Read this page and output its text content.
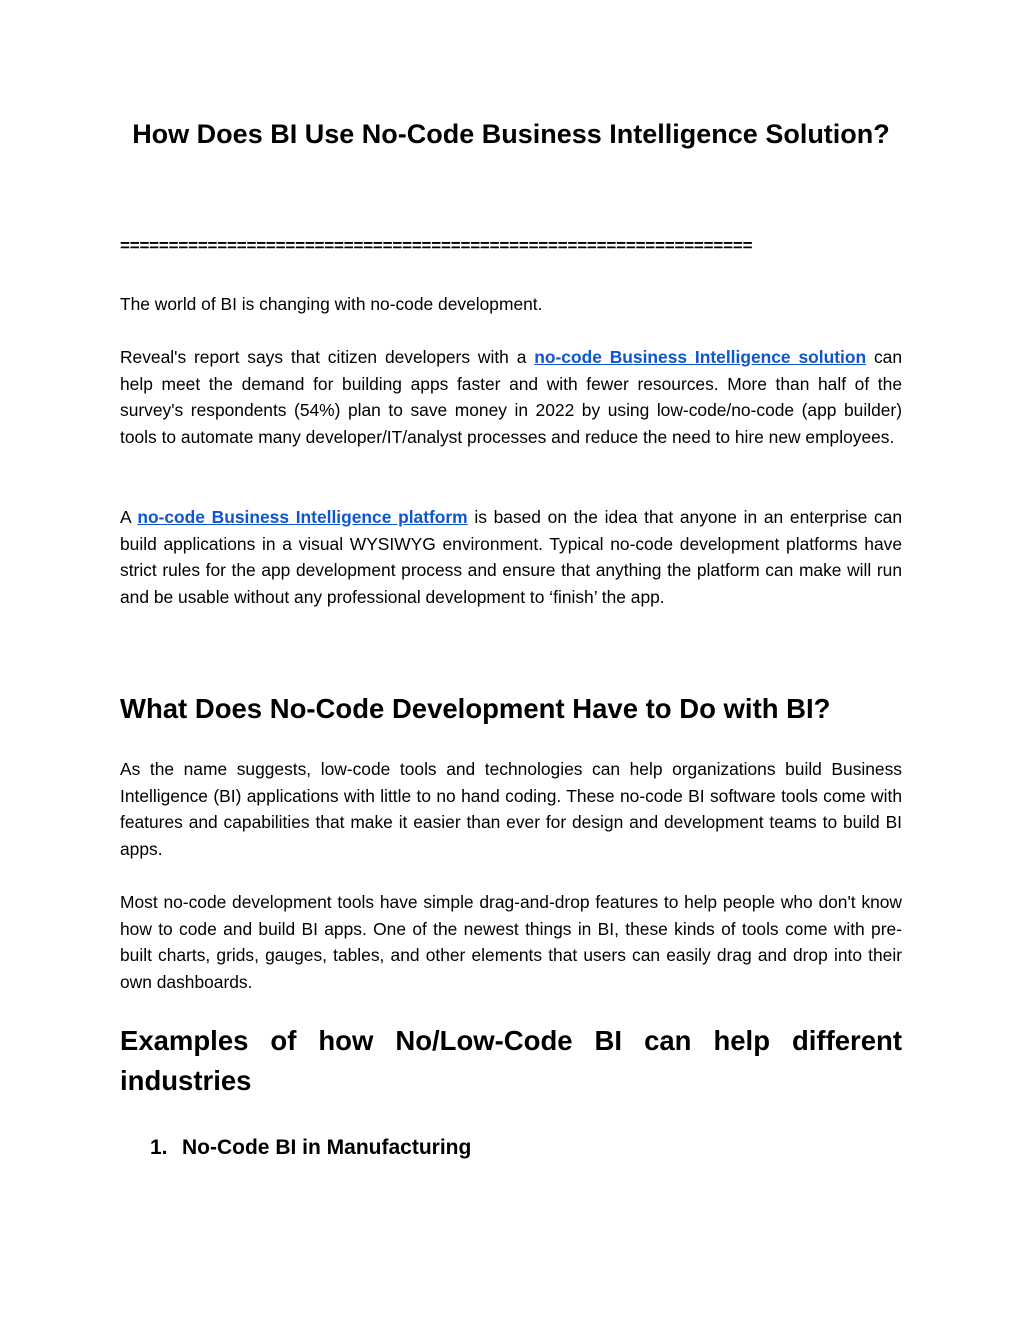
How Does BI Use No-Code Business Intelligence Solution?
=================================================================

The world of BI is changing with no-code development.

Reveal's report says that citizen developers with a no-code Business Intelligence solution can help meet the demand for building apps faster and with fewer resources. More than half of the survey's respondents (54%) plan to save money in 2022 by using low-code/no-code (app builder) tools to automate many developer/IT/analyst processes and reduce the need to hire new employees.

A no-code Business Intelligence platform is based on the idea that anyone in an enterprise can build applications in a visual WYSIWYG environment. Typical no-code development platforms have strict rules for the app development process and ensure that anything the platform can make will run and be usable without any professional development to ‘finish’ the app.

What Does No-Code Development Have to Do with BI?

As the name suggests, low-code tools and technologies can help organizations build Business Intelligence (BI) applications with little to no hand coding. These no-code BI software tools come with features and capabilities that make it easier than ever for design and development teams to build BI apps.

Most no-code development tools have simple drag-and-drop features to help people who don't know how to code and build BI apps. One of the newest things in BI, these kinds of tools come with pre-built charts, grids, gauges, tables, and other elements that users can easily drag and drop into their own dashboards.

Examples of how No/Low-Code BI can help different industries
1. No-Code BI in Manufacturing
